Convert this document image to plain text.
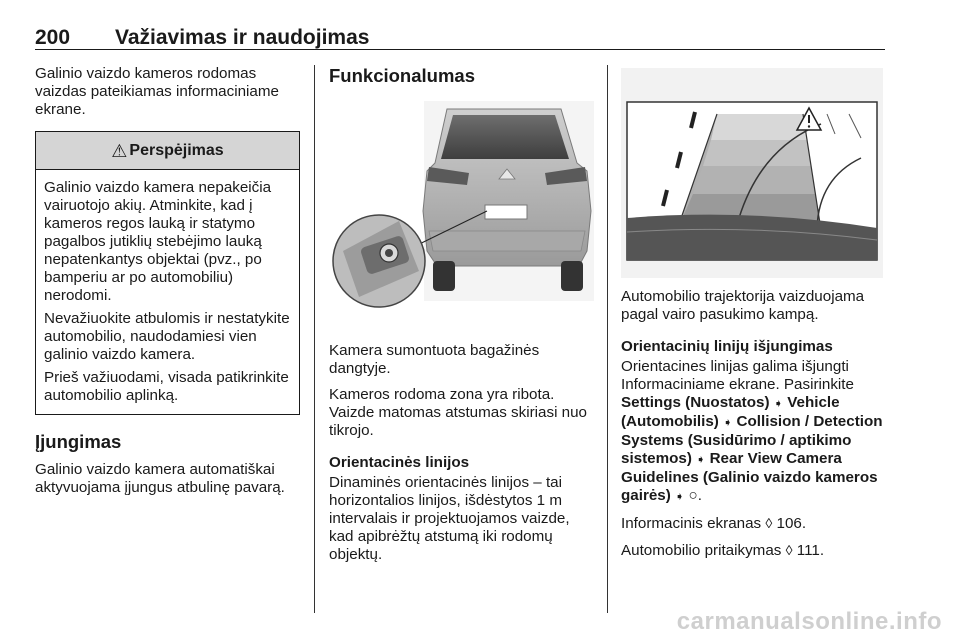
200 Važiavimas ir naudojimas

Galinio vaizdo kameros rodomas vaizdas pateikiamas informaciniame ekrane.

⚠ Perspėjimas

Galinio vaizdo kamera nepakeičia vairuotojo akių. Atminkite, kad į kameros regos lauką ir statymo pagalbos jutiklių stebėjimo lauką nepatenkantys objektai (pvz., po bamperiu ar po automobiliu) nerodomi.

Nevažiuokite atbulomis ir nestatykite automobilio, naudodamiesi vien galinio vaizdo kamera.

Prieš važiuodami, visada patikrinkite automobilio aplinką.

Įjungimas

Galinio vaizdo kamera automatiškai aktyvuojama įjungus atbulinę pavarą.

Funkcionalumas

Kamera sumontuota bagažinės dangtyje.

Kameros rodoma zona yra ribota. Vaizde matomas atstumas skiriasi nuo tikrojo.

Orientacinės linijos

Dinaminės orientacinės linijos – tai horizontalios linijos, išdėstytos 1 m intervalais ir projektuojamos vaizde, kad apibrėžtų atstumą iki rodomų objektų.

Automobilio trajektorija vaizduojama pagal vairo pasukimo kampą.

Orientacinių linijų išjungimas

Orientacines linijas galima išjungti Informaciniame ekrane. Pasirinkite Settings (Nuostatos) ➧ Vehicle (Automobilis) ➧ Collision / Detection Systems (Susidūrimo / aptikimo sistemos) ➧ Rear View Camera Guidelines (Galinio vaizdo kameros gairės) ➧ ○.

Informacinis ekranas ◊ 106.

Automobilio pritaikymas ◊ 111.

carmanualsonline.info
